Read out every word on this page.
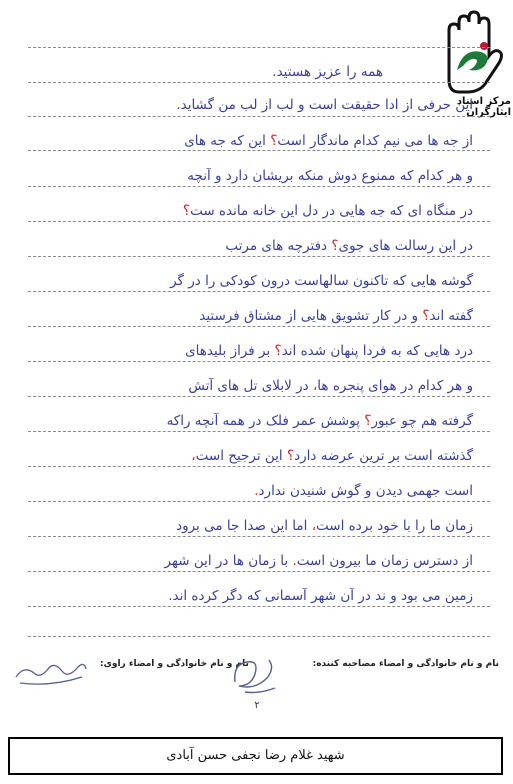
مرکز اسناد ایثارگران
همه را عزیز هستید.
این حرفی از ادا حقیقت است و لب از لب من گشاید.
از جه ها می نیم کدام ماندگار است؟ این که جه های
و هر کدام که ممنوع دوش منکه بریشان دارد و آنچه
در منگاه ای که جه هایی در دل این خانه مانده ست؟
در این رسالت های جوی؟ دفترچه های مرتب
گوشه هایی که تاکنون سالهاست درون کودکی را در گر
گفته اند؟ و در کار تشویق هایی از مشتاق فرستید
درد هایی که به فردا پنهان شده اند؟ بر فراز بلیدهای
و هر کدام در هوای پنجره ها، در لابلای تل های آتش
گرفته هم چو عبور؟ پوشش عمر فلک در همه آنچه راکه
گذشته است بر ترین عرضه دارد؟ این ترجیح است،
است جهمی دیدن و گوش شنیدن ندارد.
زمان ما را با خود برده است، اما این صدا جا می برود
از دسترس زمان ما بیرون است. با زمان ها در این شهر
زمین می بود و ند در آن شهر آسمانی که دگر کرده اند.
نام و نام خانوادگی و امضاء مصاحبه کننده:
نام و نام خانوادگی و امضاء راوی:
۲
شهید غلام رضا نجفی حسن آبادی
